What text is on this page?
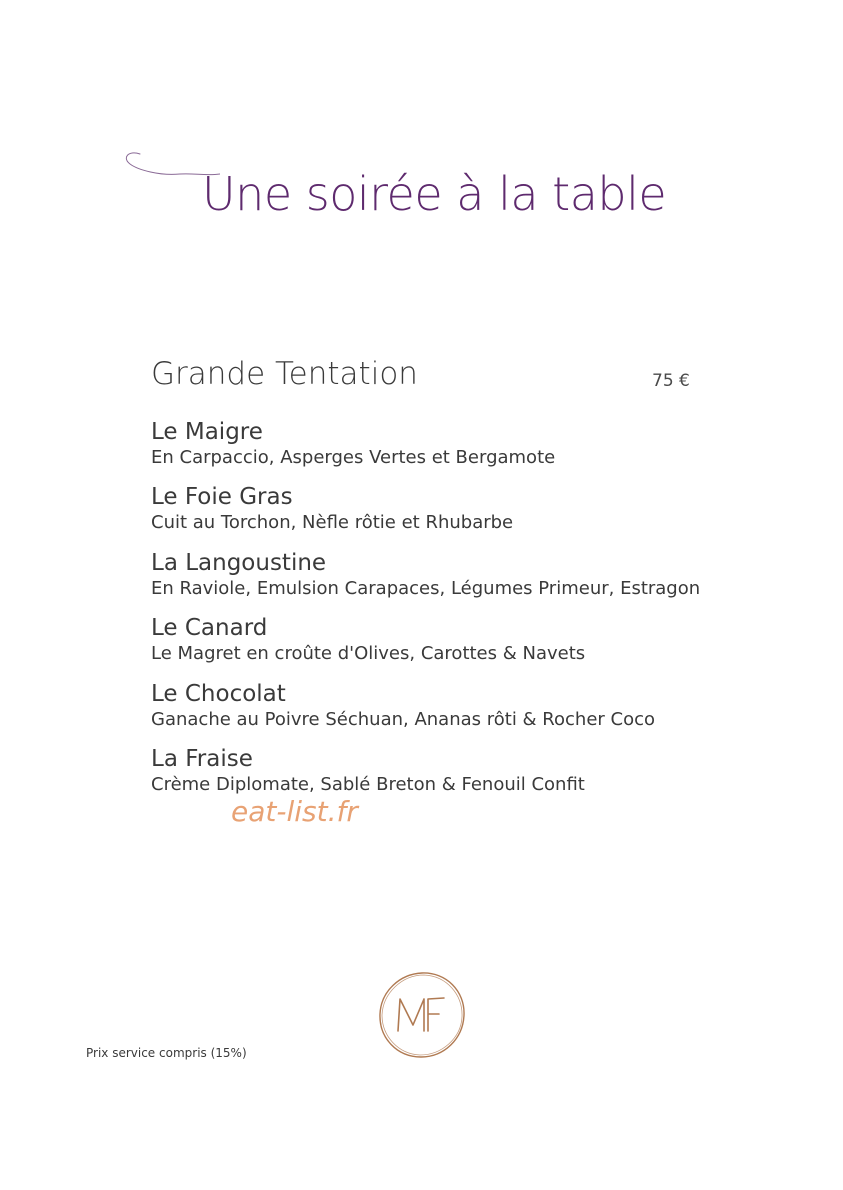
Une soirée à la table
Grande Tentation	75 €
Le Maigre
En Carpaccio, Asperges Vertes et Bergamote
Le Foie Gras
Cuit au Torchon, Nèfle rôtie et Rhubarbe
La Langoustine
En Raviole, Emulsion Carapaces, Légumes Primeur, Estragon
Le Canard
Le Magret en croûte d'Olives, Carottes & Navets
Le Chocolat
Ganache au Poivre Séchuan, Ananas rôti & Rocher Coco
La Fraise
Crème Diplomate, Sablé Breton & Fenouil Confit
eat-list.fr
Prix service compris (15%)
